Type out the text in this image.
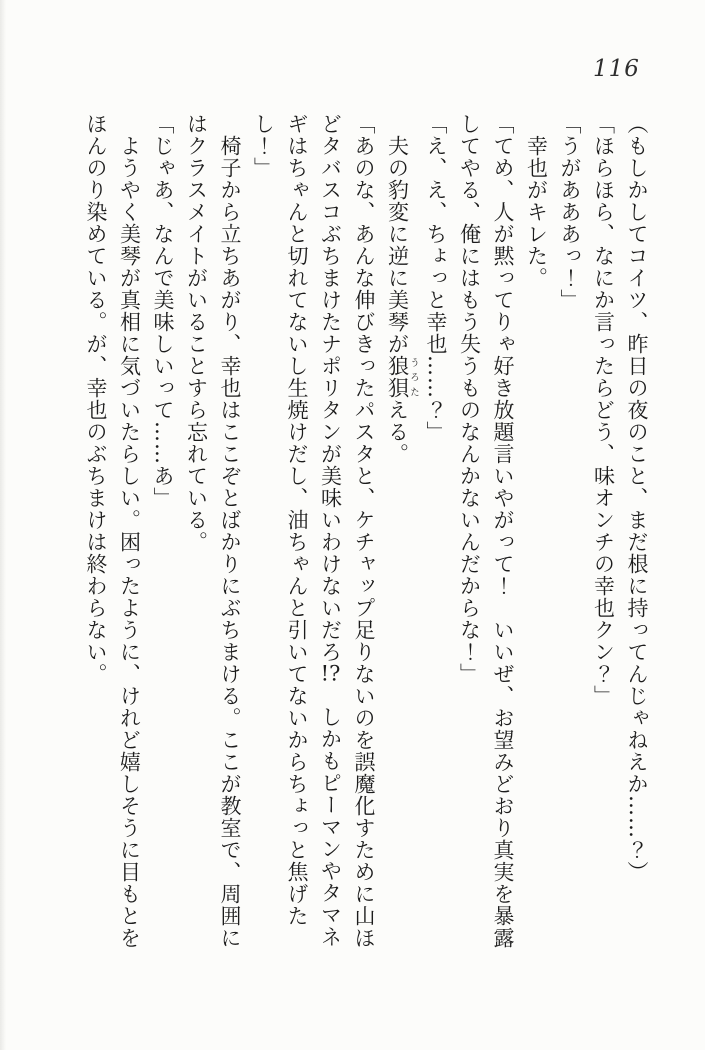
116
（もしかしてコイツ、昨日の夜のこと、まだ根に持ってんじゃねえか……？）
「ほらほら、なにか言ったらどう、味オンチの幸也クン？」
「うがあああっ！」
　幸也がキレた。
「てめ、人が黙ってりゃ好き放題言いやがって！　いいぜ、お望みどおり真実を暴露
してやる、俺にはもう失うものなんかないんだからな！」
「え、え、ちょっと幸也……？」
　夫の豹変に逆に美琴が狼狽うろたえる。
「あのな、あんな伸びきったパスタと、ケチャップ足りないのを誤魔化すために山ほ
どタバスコぶちまけたナポリタンが美味いわけないだろ!?　しかもピーマンやタマネ
ギはちゃんと切れてないし生焼けだし、油ちゃんと引いてないからちょっと焦げた
し！」
　椅子から立ちあがり、幸也はここぞとばかりにぶちまける。ここが教室で、周囲に
はクラスメイトがいることすら忘れている。
「じゃあ、なんで美味しいって……あ」
　ようやく美琴が真相に気づいたらしい。困ったように、けれど嬉しそうに目もとを
ほんのり染めている。が、幸也のぶちまけは終わらない。
